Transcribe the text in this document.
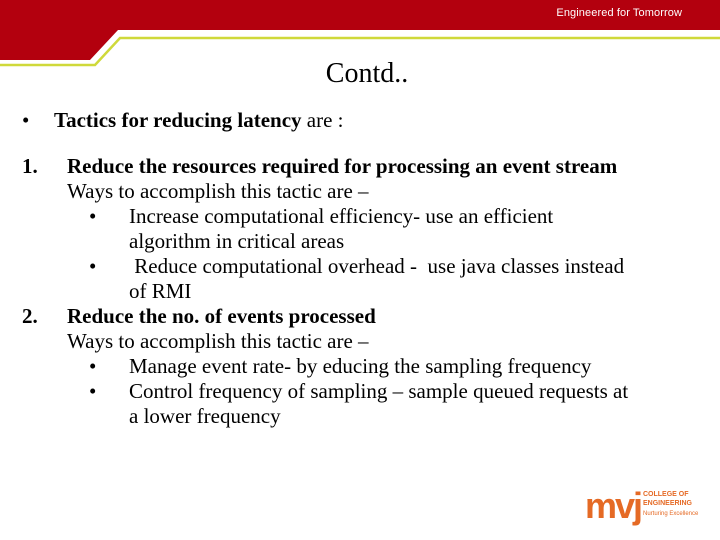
Engineered for Tomorrow
Contd..
• Tactics for reducing latency are :
1. Reduce the resources required for processing an event stream
Ways to accomplish this tactic are –
• Increase computational efficiency- use an efficient
algorithm in critical areas
• Reduce computational overhead -  use java classes instead
of RMI
2. Reduce the no. of events processed
Ways to accomplish this tactic are –
• Manage event rate- by educing the sampling frequency
• Control frequency of sampling – sample queued requests at
a lower frequency
mvj COLLEGE OF
ENGINEERING
Nurturing Excellence
